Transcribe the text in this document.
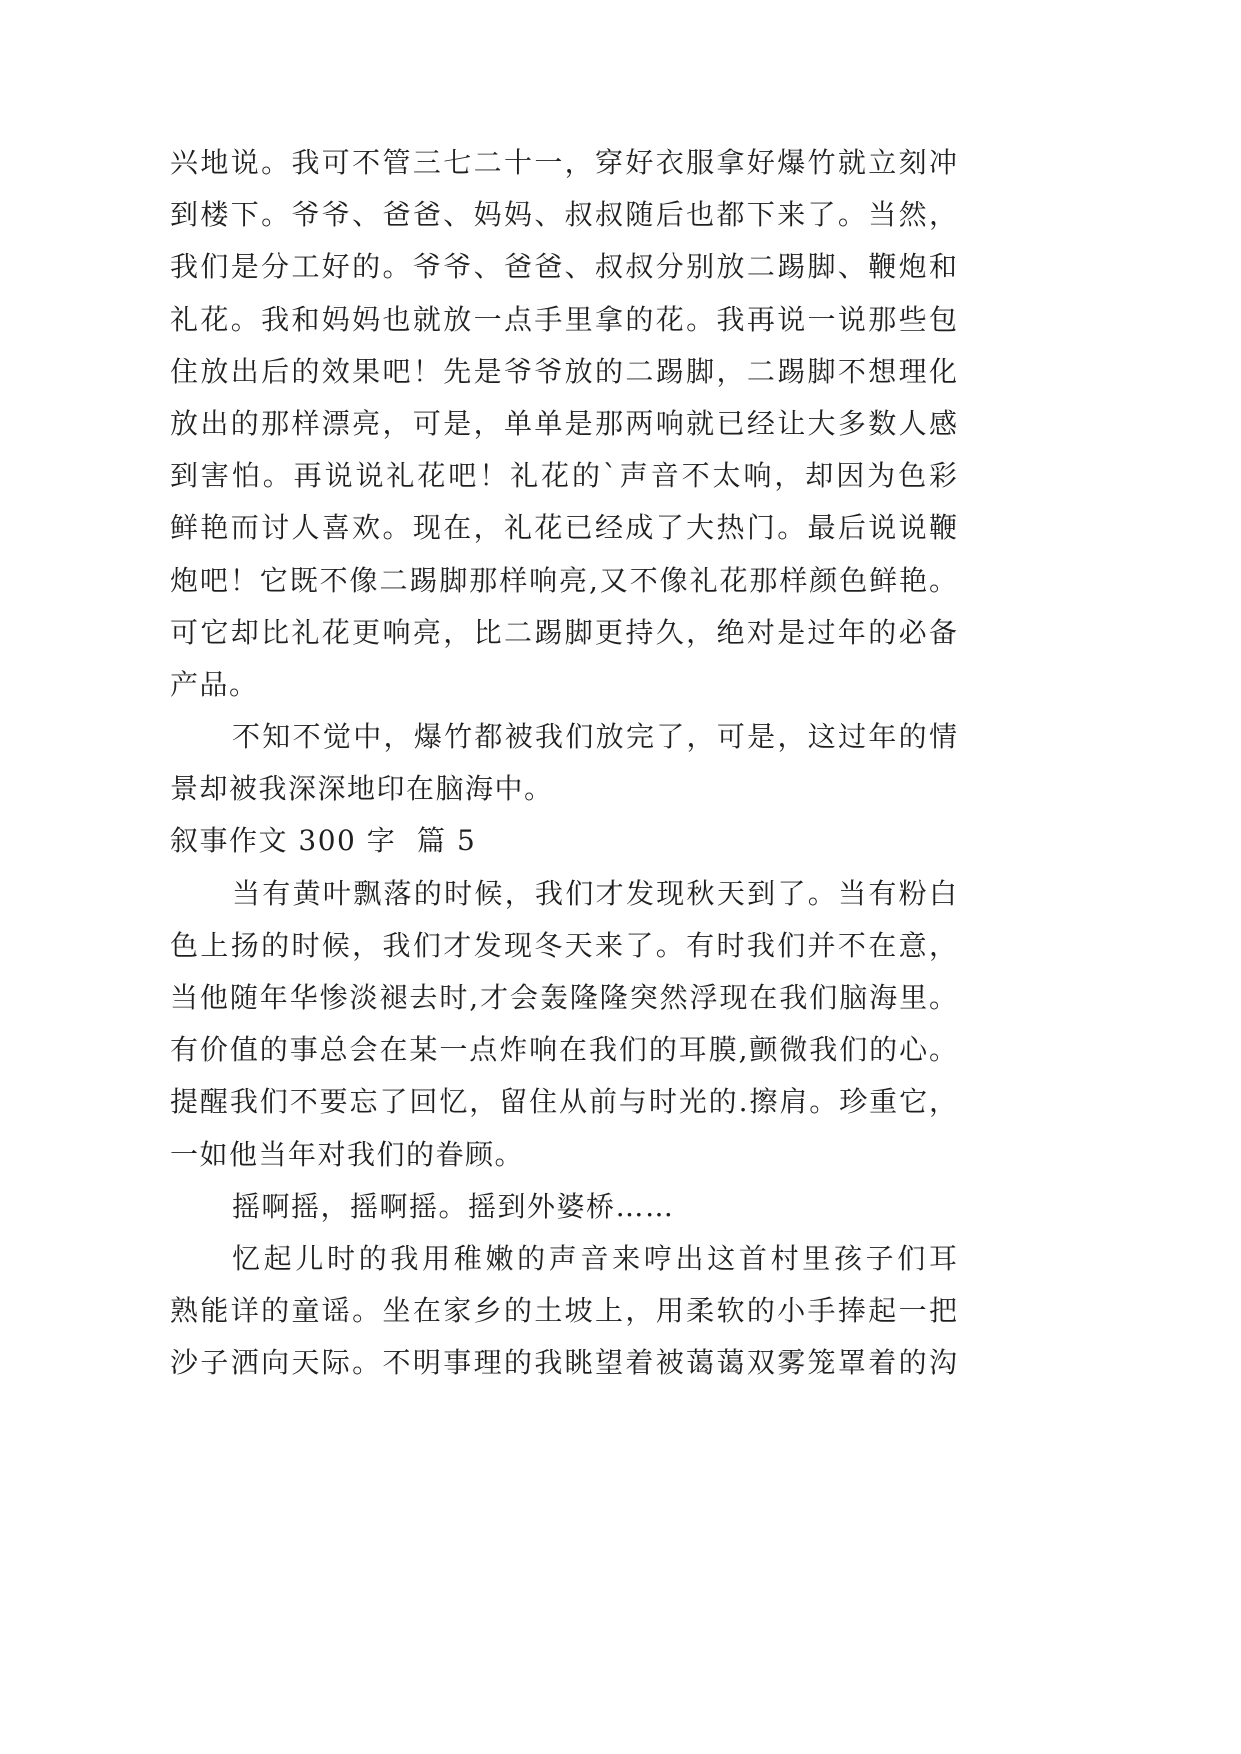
兴地说。我可不管三七二十一，穿好衣服拿好爆竹就立刻冲
到楼下。爷爷、爸爸、妈妈、叔叔随后也都下来了。当然，
我们是分工好的。爷爷、爸爸、叔叔分别放二踢脚、鞭炮和
礼花。我和妈妈也就放一点手里拿的花。我再说一说那些包
住放出后的效果吧！先是爷爷放的二踢脚，二踢脚不想理化
放出的那样漂亮，可是，单单是那两响就已经让大多数人感
到害怕。再说说礼花吧！礼花的`声音不太响，却因为色彩
鲜艳而讨人喜欢。现在，礼花已经成了大热门。最后说说鞭
炮吧！它既不像二踢脚那样响亮,又不像礼花那样颜色鲜艳。
可它却比礼花更响亮，比二踢脚更持久，绝对是过年的必备
产品。
不知不觉中，爆竹都被我们放完了，可是，这过年的情
景却被我深深地印在脑海中。
叙事作文 300 字  篇 5
当有黄叶飘落的时候，我们才发现秋天到了。当有粉白
色上扬的时候，我们才发现冬天来了。有时我们并不在意，
当他随年华惨淡褪去时,才会轰隆隆突然浮现在我们脑海里。
有价值的事总会在某一点炸响在我们的耳膜,颤微我们的心。
提醒我们不要忘了回忆，留住从前与时光的.擦肩。珍重它，
一如他当年对我们的眷顾。
摇啊摇，摇啊摇。摇到外婆桥……
忆起儿时的我用稚嫩的声音来哼出这首村里孩子们耳
熟能详的童谣。坐在家乡的土坡上，用柔软的小手捧起一把
沙子洒向天际。不明事理的我眺望着被蔼蔼双雾笼罩着的沟
